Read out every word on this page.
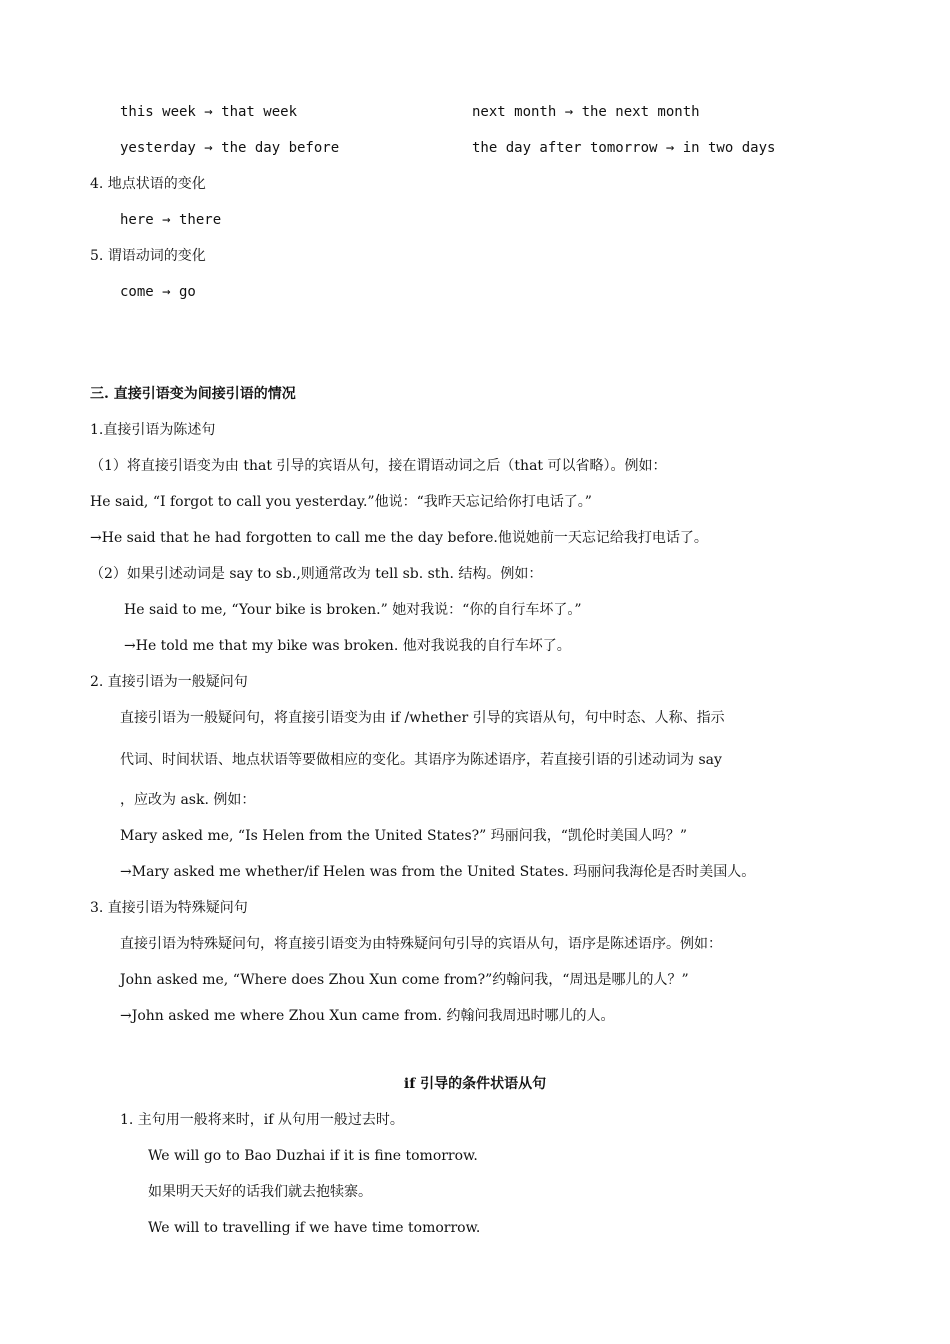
this week → that week	next month → the next month
yesterday → the day before	the day after tomorrow → in two days
4. 地点状语的变化
here → there
5. 谓语动词的变化
come → go
三. 直接引语变为间接引语的情况
1.直接引语为陈述句
（1）将直接引语变为由 that 引导的宾语从句，接在谓语动词之后（that 可以省略）。例如：
He said, “I forgot to call you yesterday.”他说：“我昨天忘记给你打电话了。”
→He said that he had forgotten to call me the day before.他说她前一天忘记给我打电话了。
（2）如果引述动词是 say to sb.,则通常改为 tell sb. sth. 结构。例如：
He said to me, “Your bike is broken.” 她对我说：“你的自行车坏了。”
→He told me that my bike was broken. 他对我说我的自行车坏了。
2. 直接引语为一般疑问句
直接引语为一般疑问句，将直接引语变为由 if /whether 引导的宾语从句，句中时态、人称、指示
代词、时间状语、地点状语等要做相应的变化。其语序为陈述语序，若直接引语的引述动词为 say
，应改为 ask. 例如：
Mary asked me, “Is Helen from the United States?” 玛丽问我，“凯伦时美国人吗？”
→Mary asked me whether/if Helen was from the United States. 玛丽问我海伦是否时美国人。
3. 直接引语为特殊疑问句
直接引语为特殊疑问句，将直接引语变为由特殊疑问句引导的宾语从句，语序是陈述语序。例如：
John asked me, “Where does Zhou Xun come from?”约翰问我，“周迅是哪儿的人？”
→John asked me where Zhou Xun came from. 约翰问我周迅时哪儿的人。
if 引导的条件状语从句
1. 主句用一般将来时，if 从句用一般过去时。
We will go to Bao Duzhai if it is fine tomorrow.
如果明天天好的话我们就去抱犊寨。
We will to travelling if we have time tomorrow.
